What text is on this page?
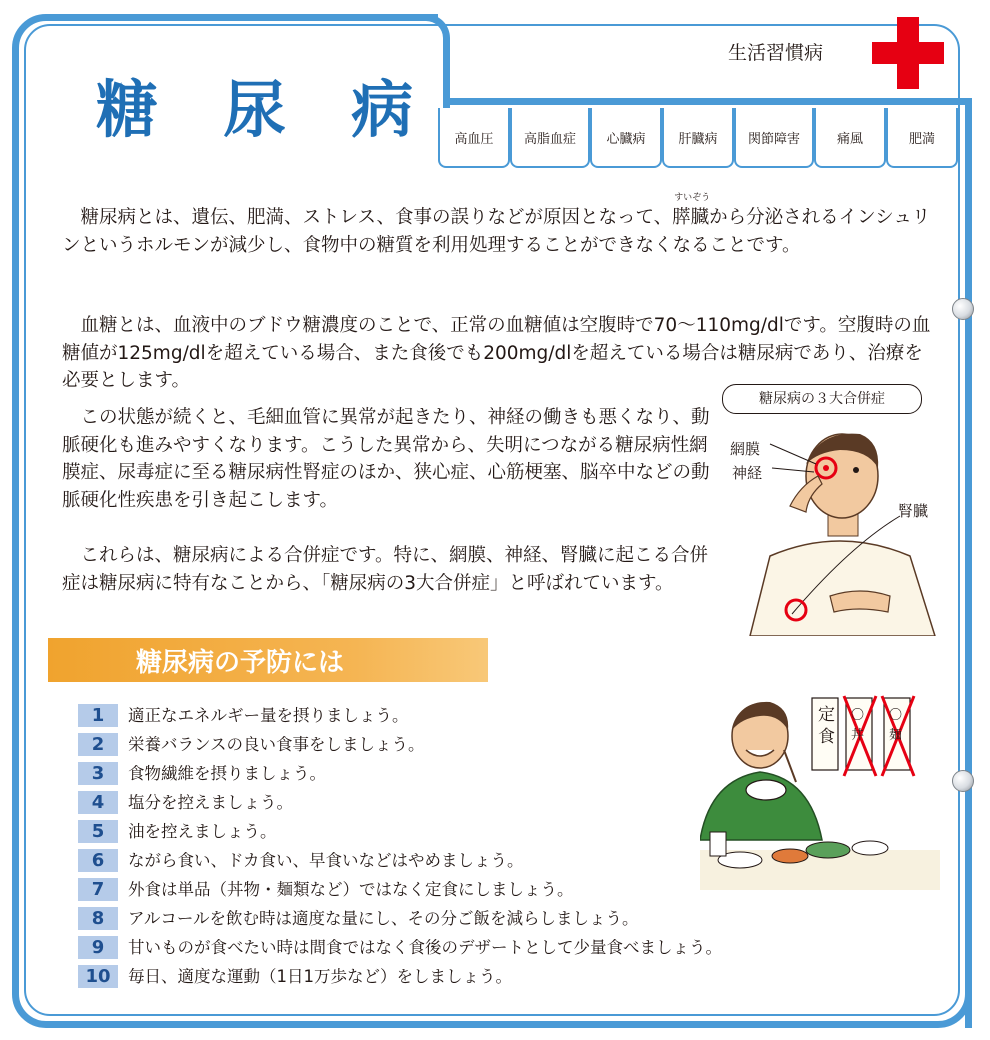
糖 尿 病
生活習慣病
高血圧	高脂血症	心臓病	肝臓病	関節障害	痛風	肥満
　糖尿病とは、遺伝、肥満、ストレス、食事の誤りなどが原因となって、
すいぞう
膵臓から分泌されるインシュリンというホルモンが減少し、食物中の糖質を利用処理することができなくなることです。
　血糖とは、血液中のブドウ糖濃度のことで、正常の血糖値は空腹時で70～110mg/dlです。空腹時の血糖値が125mg/dlを超えている場合、また食後でも200mg/dlを超えている場合は糖尿病であり、治療を必要とします。
　この状態が続くと、毛細血管に異常が起きたり、神経の働きも悪くなり、動脈硬化も進みやすくなります。こうした異常から、失明につながる糖尿病性網膜症、尿毒症に至る糖尿病性腎症のほか、狭心症、心筋梗塞、脳卒中などの動脈硬化性疾患を引き起こします。
　これらは、糖尿病による合併症です。特に、網膜、神経、腎臓に起こる合併症は糖尿病に特有なことから、「糖尿病の3大合併症」と呼ばれています。
糖尿病の３大合併症
網膜
神経
腎臓
糖尿病の予防には
1	適正なエネルギー量を摂りましょう。
2	栄養バランスの良い食事をしましょう。
3	食物繊維を摂りましょう。
4	塩分を控えましょう。
5	油を控えましょう。
6	ながら食い、ドカ食い、早食いなどはやめましょう。
7	外食は単品（丼物・麺類など）ではなく定食にしましょう。
8	アルコールを飲む時は適度な量にし、その分ご飯を減らしましょう。
9	甘いものが食べたい時は間食ではなく食後のデザートとして少量食べましょう。
10	毎日、適度な運動（1日1万歩など）をしましょう。
定食
〇丼
〇麺
